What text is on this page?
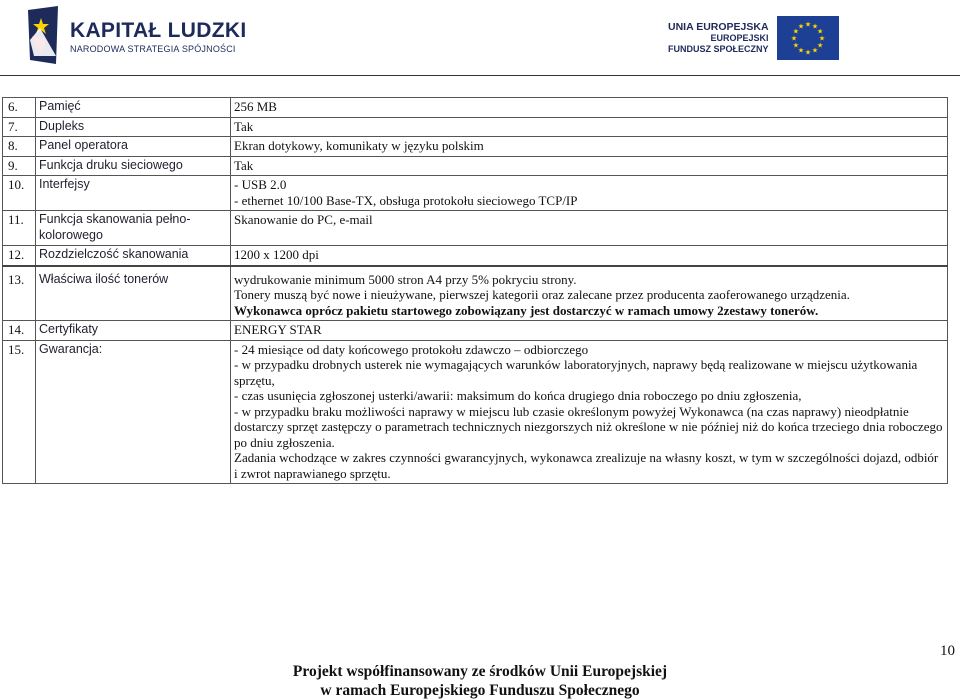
KAPITAŁ LUDZKI
NARODOWA STRATEGIA SPÓJNOŚCI
UNIA EUROPEJSKA
EUROPEJSKI
FUNDUSZ SPOŁECZNY
★ ★
★
★
★
★
★
★
★
★
★
★
6.	Pamięć	256 MB

7.	Dupleks	Tak

8.	Panel operatora	Ekran dotykowy, komunikaty w języku polskim

9.	Funkcja druku sieciowego	Tak

10.	Interfejsy	- USB 2.0
- ethernet 10/100 Base-TX, obsługa protokołu sieciowego TCP/IP

11.	Funkcja skanowania pełno-kolorowego	Skanowanie do PC, e-mail

12.	Rozdzielczość skanowania	1200 x 1200 dpi

13.	Właściwa ilość tonerów	wydrukowanie minimum 5000 stron A4 przy 5% pokryciu strony.
Tonery muszą być nowe i nieużywane, pierwszej kategorii oraz zalecane przez producenta zaoferowanego urządzenia.
Wykonawca oprócz pakietu startowego zobowiązany jest dostarczyć w ramach umowy 2zestawy tonerów.

14.	Certyfikaty	ENERGY STAR

15.	Gwarancja:	- 24 miesiące od daty końcowego protokołu zdawczo – odbiorczego
- w przypadku drobnych usterek nie wymagających warunków laboratoryjnych, naprawy będą realizowane w miejscu użytkowania sprzętu,
- czas usunięcia zgłoszonej usterki/awarii: maksimum do końca drugiego dnia roboczego po dniu zgłoszenia,
- w przypadku braku możliwości naprawy w miejscu lub czasie określonym powyżej Wykonawca (na czas naprawy) nieodpłatnie dostarczy sprzęt zastępczy o parametrach technicznych niezgorszych niż określone w nie później niż do końca trzeciego dnia roboczego po dniu zgłoszenia.
Zadania wchodzące w zakres czynności gwarancyjnych, wykonawca zrealizuje na własny koszt, w tym w szczególności dojazd, odbiór i zwrot naprawianego sprzętu.
10
Projekt współfinansowany ze środków Unii Europejskiej
w ramach Europejskiego Funduszu Społecznego
